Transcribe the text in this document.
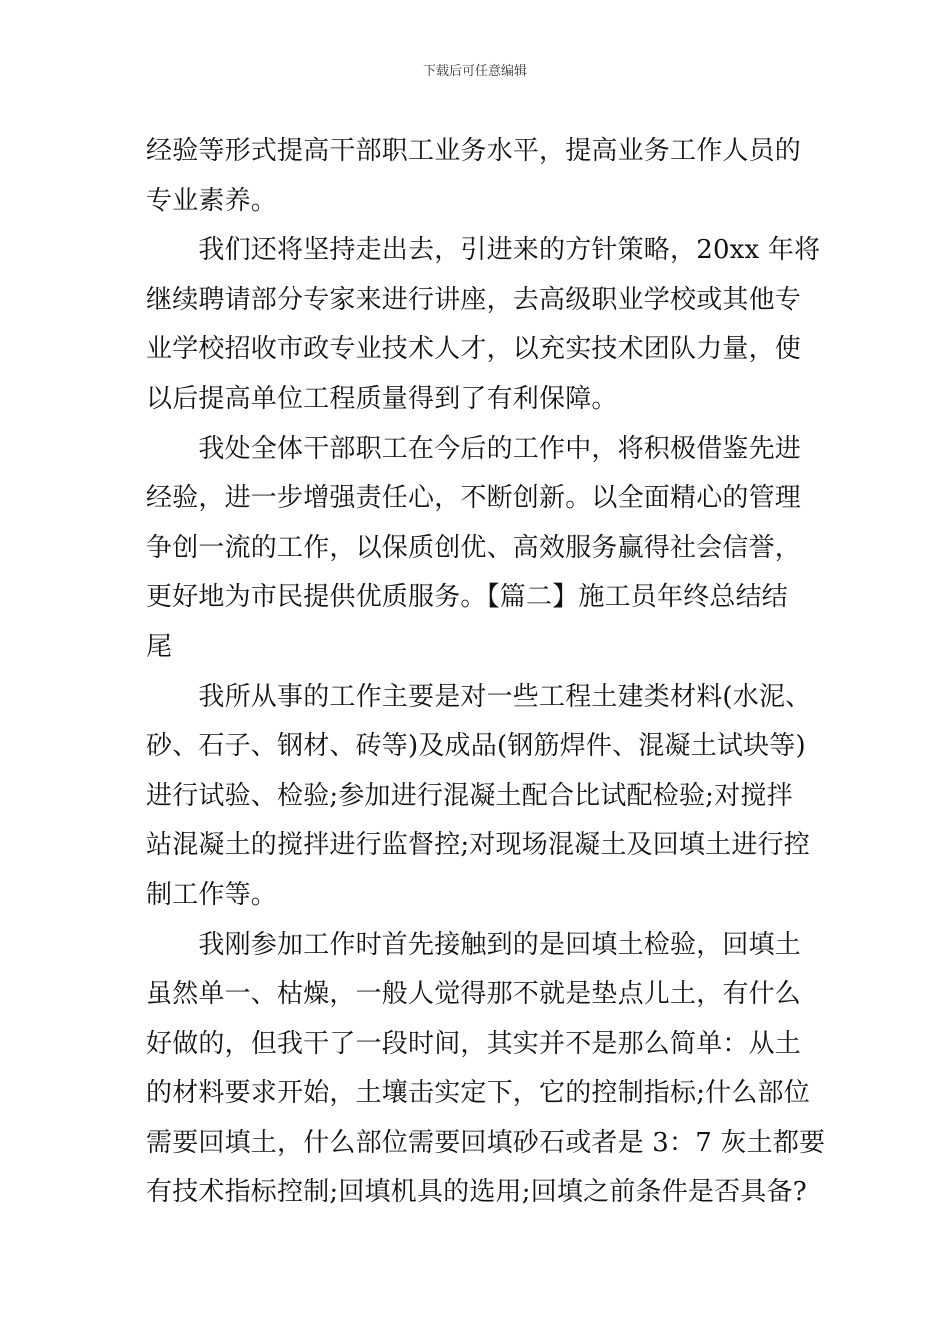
下载后可任意编辑
经验等形式提高干部职工业务水平，提高业务工作人员的
专业素养。
　　我们还将坚持走出去，引进来的方针策略，20xx 年将
继续聘请部分专家来进行讲座，去高级职业学校或其他专
业学校招收市政专业技术人才，以充实技术团队力量，使
以后提高单位工程质量得到了有利保障。
　　我处全体干部职工在今后的工作中，将积极借鉴先进
经验，进一步增强责任心，不断创新。以全面精心的管理
争创一流的工作，以保质创优、高效服务赢得社会信誉，
更好地为市民提供优质服务。【篇二】施工员年终总结结
尾
　　我所从事的工作主要是对一些工程土建类材料(水泥、
砂、石子、钢材、砖等)及成品(钢筋焊件、混凝土试块等)
进行试验、检验;参加进行混凝土配合比试配检验;对搅拌
站混凝土的搅拌进行监督控;对现场混凝土及回填土进行控
制工作等。
　　我刚参加工作时首先接触到的是回填土检验，回填土
虽然单一、枯燥，一般人觉得那不就是垫点儿土，有什么
好做的，但我干了一段时间，其实并不是那么简单：从土
的材料要求开始，土壤击实定下，它的控制指标;什么部位
需要回填土，什么部位需要回填砂石或者是 3：7 灰土都要
有技术指标控制;回填机具的选用;回填之前条件是否具备?
